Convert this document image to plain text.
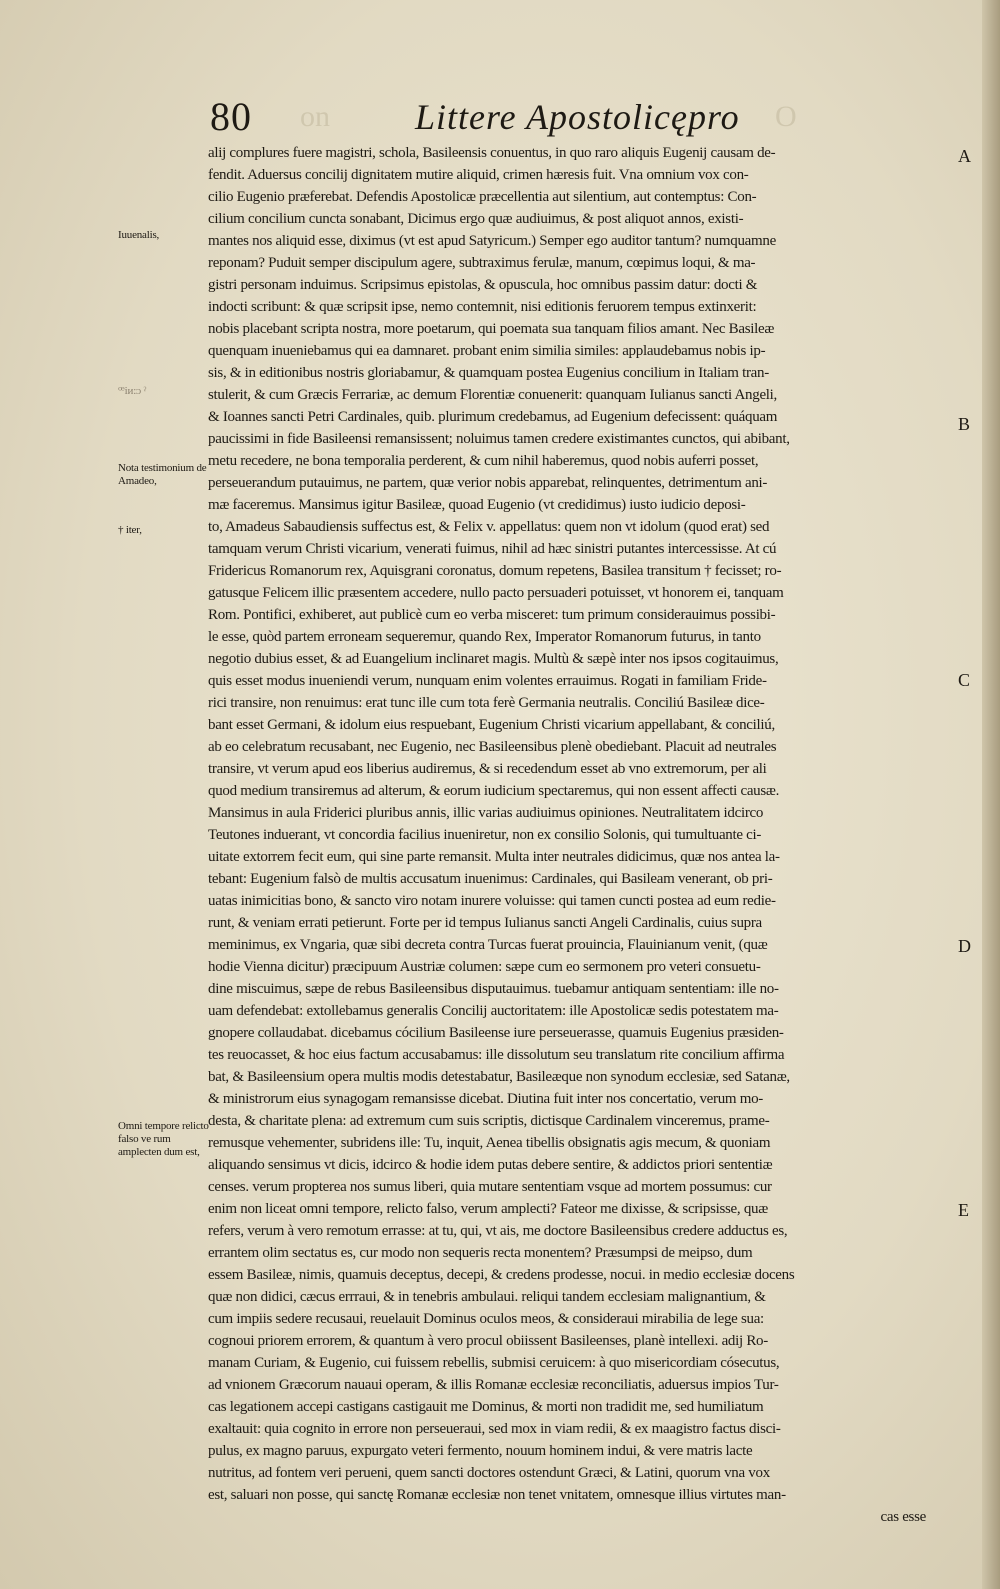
on	O
80	Littere Apostolicępro
Iuuenalis,
ꟹiᴎ:ᴐ ˀ
Nota testimonium de Amadeo,
† iter,
Omni tempore relicto falso ve rum amplecten dum est,
A
B
C
D
E
alij complures fuere magistri, schola, Basileensis conuentus, in quo raro aliquis Eugenij causam de-
fendit. Aduersus concilij dignitatem mutire aliquid, crimen hæresis fuit. Vna omnium vox con-
cilio Eugenio præferebat. Defendis Apostolicæ præcellentia aut silentium, aut contemptus: Con-
cilium concilium cuncta sonabant, Dicimus ergo quæ audiuimus, & post aliquot annos, existi-
mantes nos aliquid esse, diximus (vt est apud Satyricum.) Semper ego auditor tantum? numquamne
reponam? Puduit semper discipulum agere, subtraximus ferulæ, manum, cœpimus loqui, & ma-
gistri personam induimus. Scripsimus epistolas, & opuscula, hoc omnibus passim datur: docti &
indocti scribunt: & quæ scripsit ipse, nemo contemnit, nisi editionis feruorem tempus extinxerit:
nobis placebant scripta nostra, more poetarum, qui poemata sua tanquam filios amant. Nec Basileæ
quenquam inueniebamus qui ea damnaret. probant enim similia similes: applaudebamus nobis ip-
sis, & in editionibus nostris gloriabamur, & quamquam postea Eugenius concilium in Italiam tran-
stulerit, & cum Græcis Ferrariæ, ac demum Florentiæ conuenerit: quanquam Iulianus sancti Angeli,
& Ioannes sancti Petri Cardinales, quib. plurimum credebamus, ad Eugenium defecissent: quáquam
paucissimi in fide Basileensi remansissent; noluimus tamen credere existimantes cunctos, qui abibant,
metu recedere, ne bona temporalia perderent, & cum nihil haberemus, quod nobis auferri posset,
perseuerandum putauimus, ne partem, quæ verior nobis apparebat, relinquentes, detrimentum ani-
mæ faceremus. Mansimus igitur Basileæ, quoad Eugenio (vt credidimus) iusto iudicio deposi-
to, Amadeus Sabaudiensis suffectus est, & Felix v. appellatus: quem non vt idolum (quod erat) sed
tamquam verum Christi vicarium, venerati fuimus, nihil ad hæc sinistri putantes intercessisse. At cú
Fridericus Romanorum rex, Aquisgrani coronatus, domum repetens, Basilea transitum † fecisset; ro-
gatusque Felicem illic præsentem accedere, nullo pacto persuaderi potuisset, vt honorem ei, tanquam
Rom. Pontifici, exhiberet, aut publicè cum eo verba misceret: tum primum considerauimus possibi-
le esse, quòd partem erroneam sequeremur, quando Rex, Imperator Romanorum futurus, in tanto
negotio dubius esset, & ad Euangelium inclinaret magis. Multù & sæpè inter nos ipsos cogitauimus,
quis esset modus inueniendi verum, nunquam enim volentes errauimus. Rogati in familiam Fride-
rici transire, non renuimus: erat tunc ille cum tota ferè Germania neutralis. Conciliú Basileæ dice-
bant esset Germani, & idolum eius respuebant, Eugenium Christi vicarium appellabant, & conciliú,
ab eo celebratum recusabant, nec Eugenio, nec Basileensibus plenè obediebant. Placuit ad neutrales
transire, vt verum apud eos liberius audiremus, & si recedendum esset ab vno extremorum, per ali
quod medium transiremus ad alterum, & eorum iudicium spectaremus, qui non essent affecti causæ.
Mansimus in aula Friderici pluribus annis, illic varias audiuimus opiniones. Neutralitatem idcirco
Teutones induerant, vt concordia facilius inueniretur, non ex consilio Solonis, qui tumultuante ci-
uitate extorrem fecit eum, qui sine parte remansit. Multa inter neutrales didicimus, quæ nos antea la-
tebant: Eugenium falsò de multis accusatum inuenimus: Cardinales, qui Basileam venerant, ob pri-
uatas inimicitias bono, & sancto viro notam inurere voluisse: qui tamen cuncti postea ad eum redie-
runt, & veniam errati petierunt. Forte per id tempus Iulianus sancti Angeli Cardinalis, cuius supra
meminimus, ex Vngaria, quæ sibi decreta contra Turcas fuerat prouincia, Flauinianum venit, (quæ
hodie Vienna dicitur) præcipuum Austriæ columen: sæpe cum eo sermonem pro veteri consuetu-
dine miscuimus, sæpe de rebus Basileensibus disputauimus. tuebamur antiquam sententiam: ille no-
uam defendebat: extollebamus generalis Concilij auctoritatem: ille Apostolicæ sedis potestatem ma-
gnopere collaudabat. dicebamus cócilium Basileense iure perseuerasse, quamuis Eugenius præsiden-
tes reuocasset, & hoc eius factum accusabamus: ille dissolutum seu translatum rite concilium affirma
bat, & Basileensium opera multis modis detestabatur, Basileæque non synodum ecclesiæ, sed Satanæ,
& ministrorum eius synagogam remansisse dicebat. Diutina fuit inter nos concertatio, verum mo-
desta, & charitate plena: ad extremum cum suis scriptis, dictisque Cardinalem vinceremus, prame-
remusque vehementer, subridens ille: Tu, inquit, Aenea tibellis obsignatis agis mecum, & quoniam
aliquando sensimus vt dicis, idcirco & hodie idem putas debere sentire, & addictos priori sententiæ
censes. verum propterea nos sumus liberi, quia mutare sententiam vsque ad mortem possumus: cur
enim non liceat omni tempore, relicto falso, verum amplecti? Fateor me dixisse, & scripsisse, quæ
refers, verum à vero remotum errasse: at tu, qui, vt ais, me doctore Basileensibus credere adductus es,
errantem olim sectatus es, cur modo non sequeris recta monentem? Præsumpsi de meipso, dum
essem Basileæ, nimis, quamuis deceptus, decepi, & credens prodesse, nocui. in medio ecclesiæ docens
quæ non didici, cæcus errraui, & in tenebris ambulaui. reliqui tandem ecclesiam malignantium, &
cum impiis sedere recusaui, reuelauit Dominus oculos meos, & consideraui mirabilia de lege sua:
cognoui priorem errorem, & quantum à vero procul obiissent Basileenses, planè intellexi. adij Ro-
manam Curiam, & Eugenio, cui fuissem rebellis, submisi ceruicem: à quo misericordiam cósecutus,
ad vnionem Græcorum nauaui operam, & illis Romanæ ecclesiæ reconciliatis, aduersus impios Tur-
cas legationem accepi castigans castigauit me Dominus, & morti non tradidit me, sed humiliatum
exaltauit: quia cognito in errore non perseueraui, sed mox in viam redii, & ex maagistro factus disci-
pulus, ex magno paruus, expurgato veteri fermento, nouum hominem indui, & vere matris lacte
nutritus, ad fontem veri perueni, quem sancti doctores ostendunt Græci, & Latini, quorum vna vox
est, saluari non posse, qui sanctę Romanæ ecclesiæ non tenet vnitatem, omnesque illius virtutes man-
cas esse
